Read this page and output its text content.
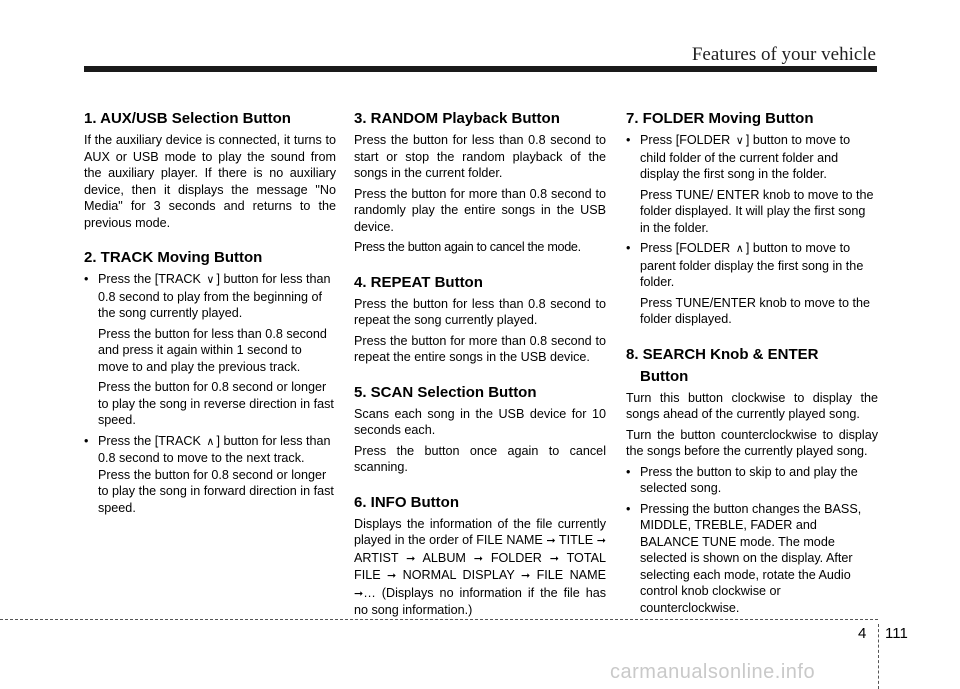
Features of your vehicle
1. AUX/USB Selection Button

If the auxiliary device is connected, it turns to AUX or USB mode to play the sound from the auxiliary player. If there is no auxiliary device, then it displays the message "No Media" for 3 seconds and returns to the previous mode.

2. TRACK Moving Button
• Press the [TRACK ∨ ] button for less than 0.8 second to play from the beginning of the song currently played.
Press the button for less than 0.8 second and press it again within 1 second to move to and play the previous track.
Press the button for 0.8 second or longer to play the song in reverse direction in fast speed.
• Press the [TRACK ∧ ] button for less than 0.8 second to move to the next track. Press the button for 0.8 second or longer to play the song in forward direction in fast speed.
3. RANDOM Playback Button

Press the button for less than 0.8 second to start or stop the random playback of the songs in the current folder.

Press the button for more than 0.8 second to randomly play the entire songs in the USB device.

Press the button again to cancel the mode.

4. REPEAT Button

Press the button for less than 0.8 second to repeat the song currently played.

Press the button for more than 0.8 second to repeat the entire songs in the USB device.

5. SCAN Selection Button

Scans each song in the USB device for 10 seconds each.

Press the button once again to cancel scanning.

6. INFO Button

Displays the information of the file currently played in the order of FILE NAME ➞ TITLE ➞ ARTIST ➞ ALBUM ➞ FOLDER ➞ TOTAL FILE ➞ NORMAL DISPLAY ➞ FILE NAME ➞… (Displays no information if the file has no song information.)

7. FOLDER Moving Button
• Press [FOLDER ∨ ] button to move to child folder of the current folder and display the first song in the folder.
Press TUNE/ ENTER knob to move to the folder displayed. It will play the first song in the folder.
• Press [FOLDER ∧ ] button to move to parent folder display the first song in the folder.
Press TUNE/ENTER knob to move to the folder displayed.
8. SEARCH Knob & ENTER
Button

Turn this button clockwise to display the songs ahead of the currently played song.

Turn the button counterclockwise to display the songs before the currently played song.

• Press the button to skip to and play the selected song.
• Pressing the button changes the BASS, MIDDLE, TREBLE, FADER and BALANCE TUNE mode. The mode selected is shown on the display. After selecting each mode, rotate the Audio control knob clockwise or counterclockwise.
4 111
carmanualsonline.info
